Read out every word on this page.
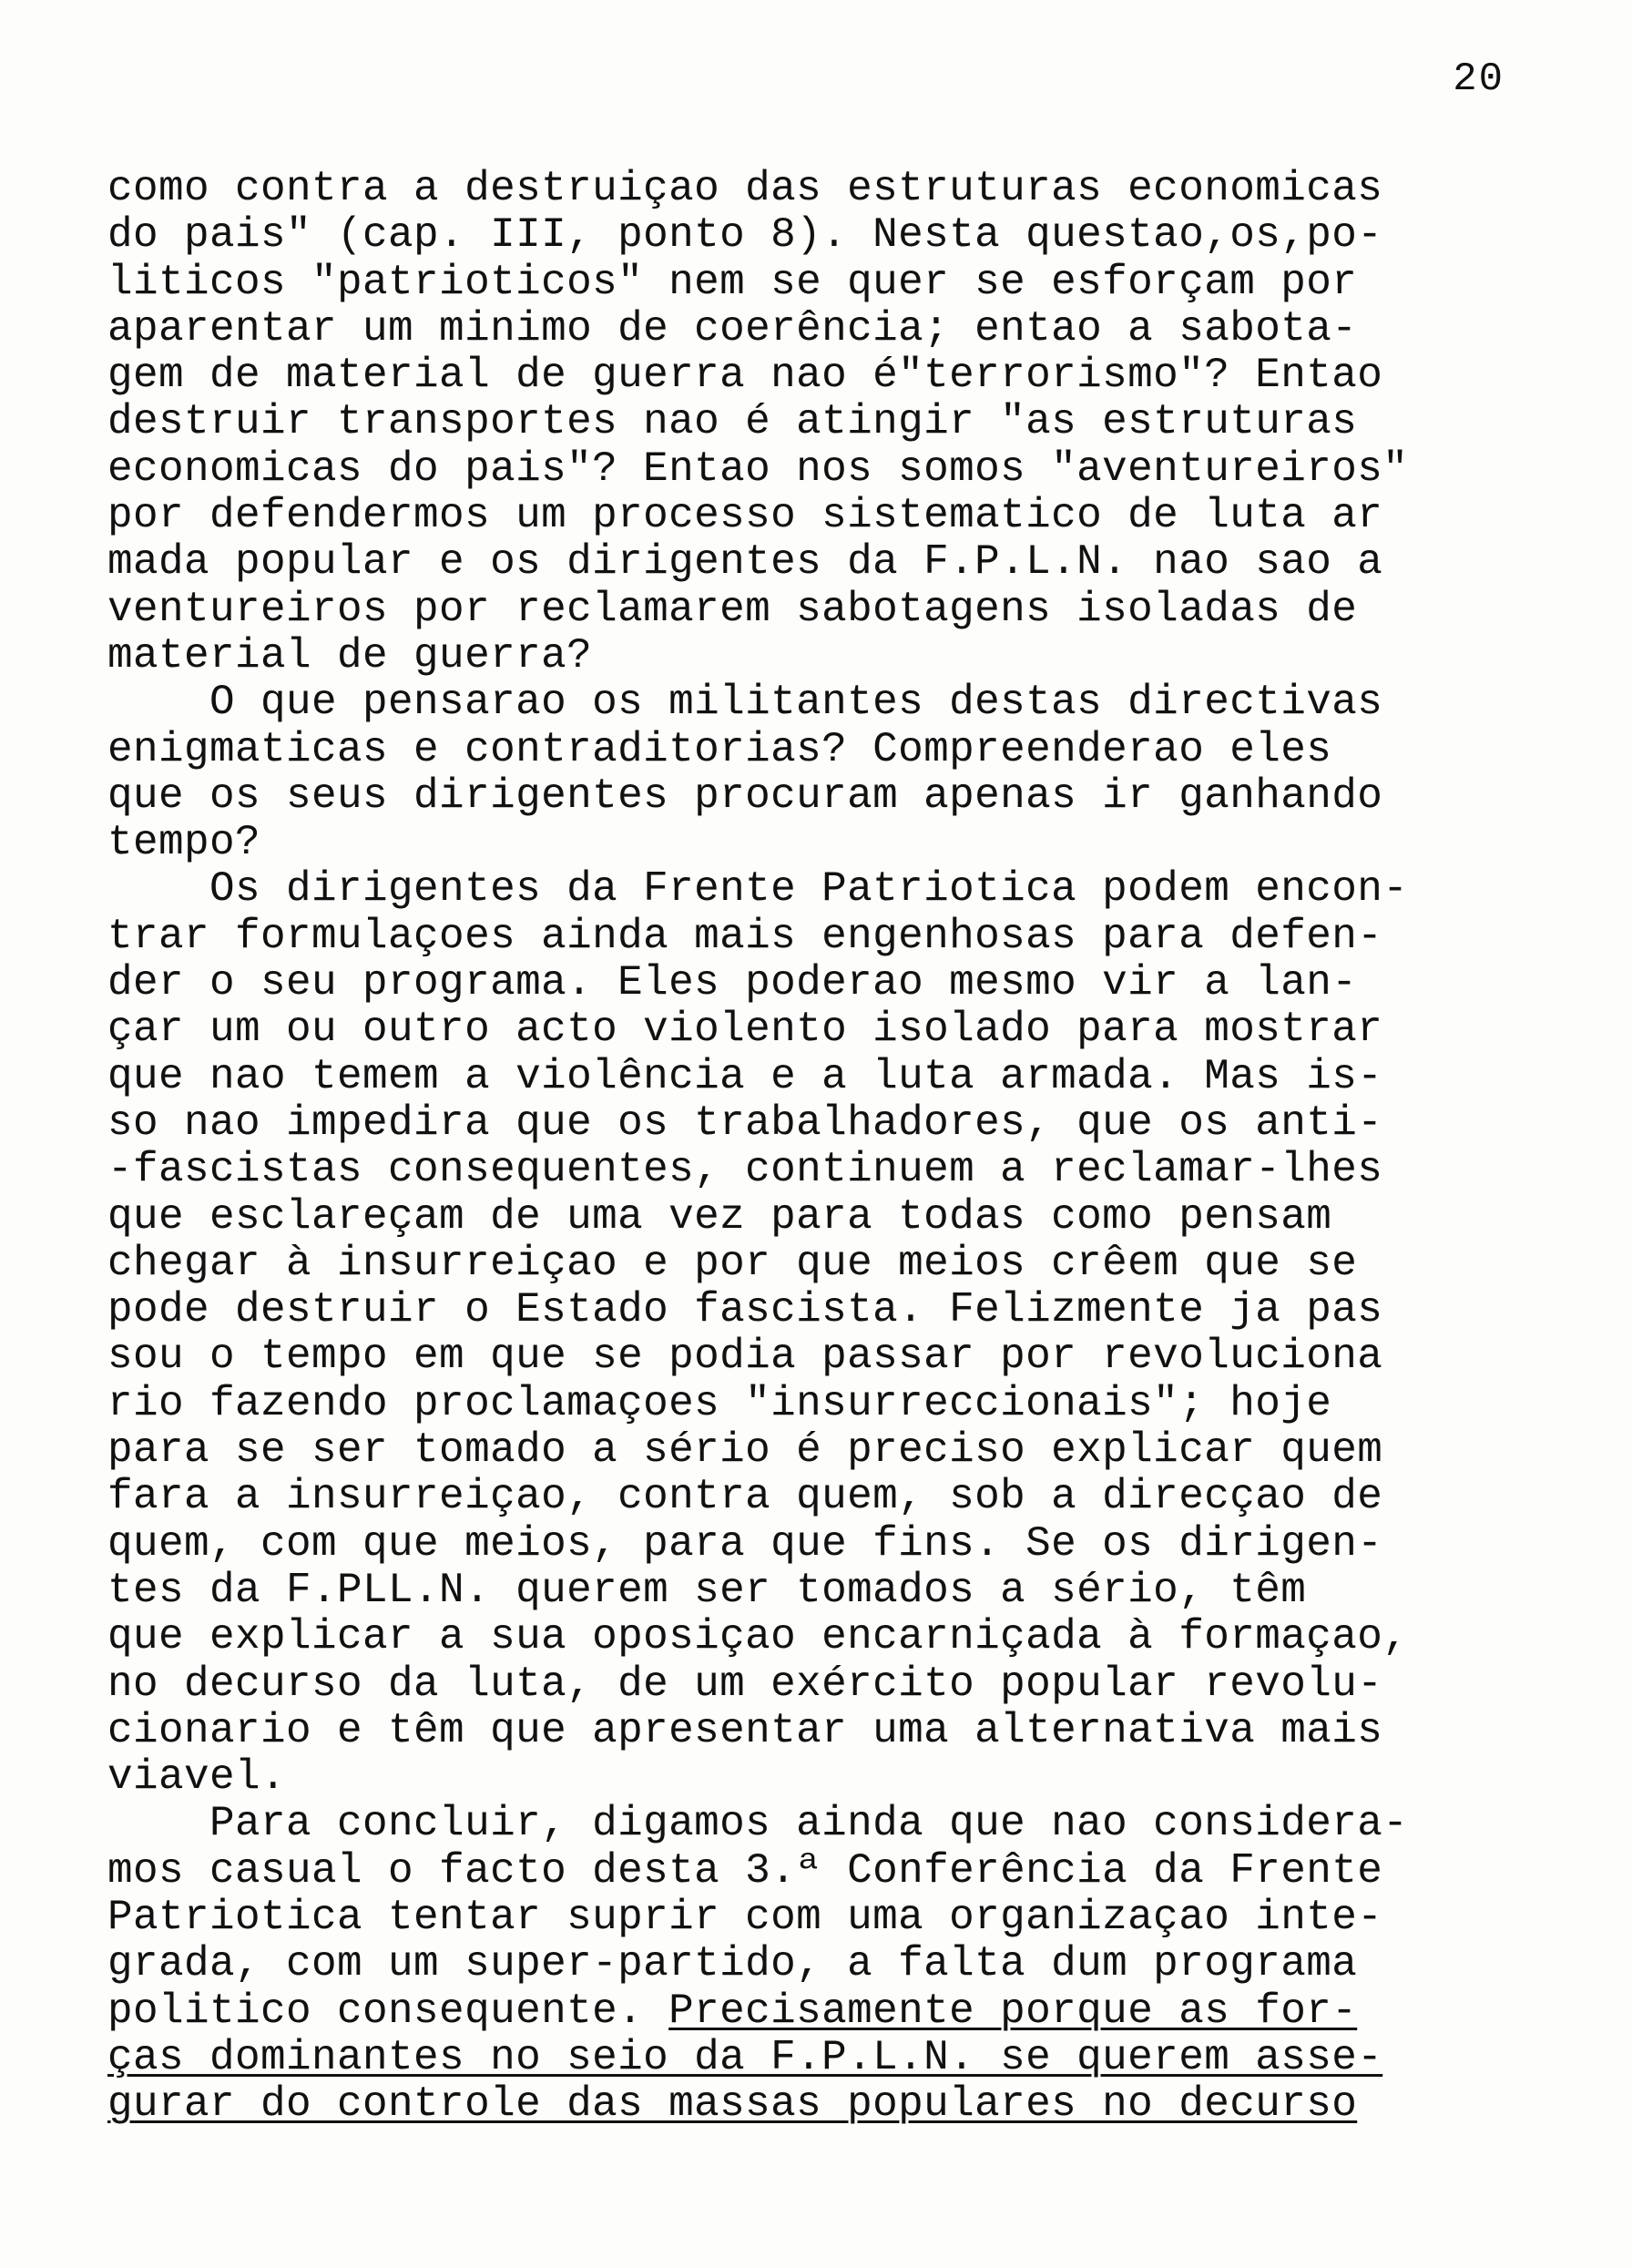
20
como contra a destruiçao das estruturas economicas
do pais" (cap. III, ponto 8). Nesta questao,os,po-
liticos "patrioticos" nem se quer se esforçam por
aparentar um minimo de coerência; entao a sabota-
gem de material de guerra nao é"terrorismo"? Entao
destruir transportes nao é atingir "as estruturas
economicas do pais"? Entao nos somos "aventureiros"
por defendermos um processo sistematico de luta ar
mada popular e os dirigentes da F.P.L.N. nao sao a
ventureiros por reclamarem sabotagens isoladas de
material de guerra?
O que pensarao os militantes destas directivas
enigmaticas e contraditorias? Compreenderao eles
que os seus dirigentes procuram apenas ir ganhando
tempo?
Os dirigentes da Frente Patriotica podem encon-
trar formulaçoes ainda mais engenhosas para defen-
der o seu programa. Eles poderao mesmo vir a lan-
çar um ou outro acto violento isolado para mostrar
que nao temem a violência e a luta armada. Mas is-
so nao impedira que os trabalhadores, que os anti-
-fascistas consequentes, continuem a reclamar-lhes
que esclareçam de uma vez para todas como pensam
chegar à insurreiçao e por que meios crêem que se
pode destruir o Estado fascista. Felizmente ja pas
sou o tempo em que se podia passar por revoluciona
rio fazendo proclamaçoes "insurreccionais"; hoje
para se ser tomado a sério é preciso explicar quem
fara a insurreiçao, contra quem, sob a direcçao de
quem, com que meios, para que fins. Se os dirigen-
tes da F.PLL.N. querem ser tomados a sério, têm
que explicar a sua oposiçao encarniçada à formaçao,
no decurso da luta, de um exército popular revolu-
cionario e têm que apresentar uma alternativa mais
viavel.
Para concluir, digamos ainda que nao considera-
mos casual o facto desta 3.ª Conferência da Frente
Patriotica tentar suprir com uma organizaçao inte-
grada, com um super-partido, a falta dum programa
politico consequente. Precisamente porque as for-
ças dominantes no seio da F.P.L.N. se querem asse-
gurar do controle das massas populares no decurso
